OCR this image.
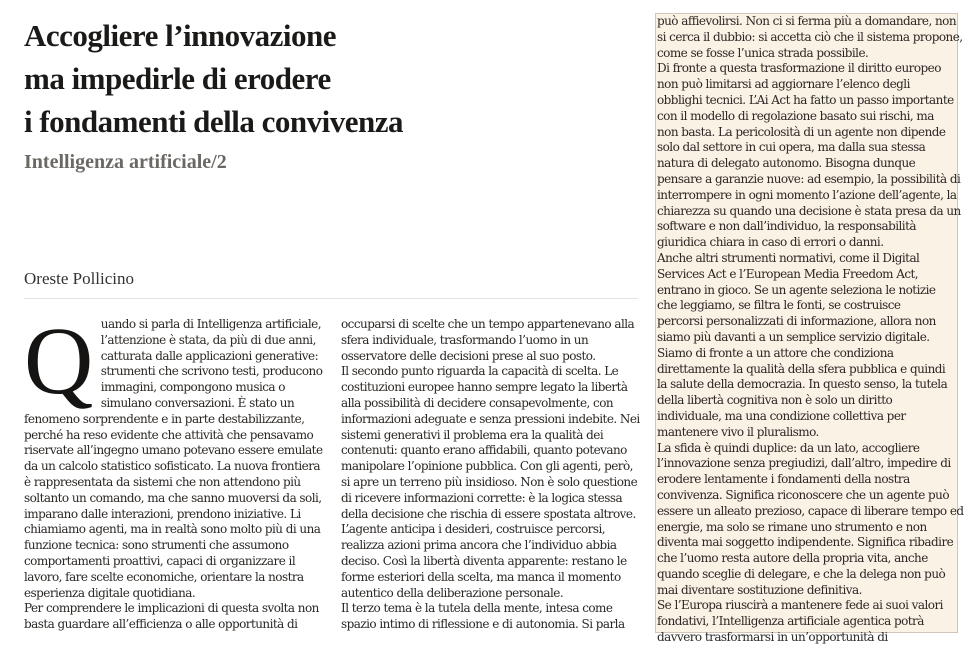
Accogliere l’innovazione
ma impedirle di erodere
i fondamenti della convivenza
Intelligenza artificiale/2
Oreste Pollicino

Q uando si parla di Intelligenza artificiale,
l’attenzione è stata, da più di due anni,
catturata dalle applicazioni generative:
strumenti che scrivono testi, producono
immagini, compongono musica o
simulano conversazioni. È stato un
fenomeno sorprendente e in parte destabilizzante,
perché ha reso evidente che attività che pensavamo
riservate all’ingegno umano potevano essere emulate
da un calcolo statistico sofisticato. La nuova frontiera
è rappresentata da sistemi che non attendono più
soltanto un comando, ma che sanno muoversi da soli,
imparano dalle interazioni, prendono iniziative. Li
chiamiamo agenti, ma in realtà sono molto più di una
funzione tecnica: sono strumenti che assumono
comportamenti proattivi, capaci di organizzare il
lavoro, fare scelte economiche, orientare la nostra
esperienza digitale quotidiana.

Per comprendere le implicazioni di questa svolta non
basta guardare all’efficienza o alle opportunità di

occuparsi di scelte che un tempo appartenevano alla
sfera individuale, trasformando l’uomo in un
osservatore delle decisioni prese al suo posto.

Il secondo punto riguarda la capacità di scelta. Le
costituzioni europee hanno sempre legato la libertà
alla possibilità di decidere consapevolmente, con
informazioni adeguate e senza pressioni indebite. Nei
sistemi generativi il problema era la qualità dei
contenuti: quanto erano affidabili, quanto potevano
manipolare l’opinione pubblica. Con gli agenti, però,
si apre un terreno più insidioso. Non è solo questione
di ricevere informazioni corrette: è la logica stessa
della decisione che rischia di essere spostata altrove.
L’agente anticipa i desideri, costruisce percorsi,
realizza azioni prima ancora che l’individuo abbia
deciso. Così la libertà diventa apparente: restano le
forme esteriori della scelta, ma manca il momento
autentico della deliberazione personale.

Il terzo tema è la tutela della mente, intesa come
spazio intimo di riflessione e di autonomia. Si parla

può affievolirsi. Non ci si ferma più a domandare, non
si cerca il dubbio: si accetta ciò che il sistema propone,
come se fosse l’unica strada possibile.

Di fronte a questa trasformazione il diritto europeo
non può limitarsi ad aggiornare l’elenco degli
obblighi tecnici. L’Ai Act ha fatto un passo importante
con il modello di regolazione basato sui rischi, ma
non basta. La pericolosità di un agente non dipende
solo dal settore in cui opera, ma dalla sua stessa
natura di delegato autonomo. Bisogna dunque
pensare a garanzie nuove: ad esempio, la possibilità di
interrompere in ogni momento l’azione dell’agente, la
chiarezza su quando una decisione è stata presa da un
software e non dall’individuo, la responsabilità
giuridica chiara in caso di errori o danni.

Anche altri strumenti normativi, come il Digital
Services Act e l’European Media Freedom Act,
entrano in gioco. Se un agente seleziona le notizie
che leggiamo, se filtra le fonti, se costruisce
percorsi personalizzati di informazione, allora non
siamo più davanti a un semplice servizio digitale.
Siamo di fronte a un attore che condiziona
direttamente la qualità della sfera pubblica e quindi
la salute della democrazia. In questo senso, la tutela
della libertà cognitiva non è solo un diritto
individuale, ma una condizione collettiva per
mantenere vivo il pluralismo.

La sfida è quindi duplice: da un lato, accogliere
l’innovazione senza pregiudizi, dall’altro, impedire di
erodere lentamente i fondamenti della nostra
convivenza. Significa riconoscere che un agente può
essere un alleato prezioso, capace di liberare tempo ed
energie, ma solo se rimane uno strumento e non
diventa mai soggetto indipendente. Significa ribadire
che l’uomo resta autore della propria vita, anche
quando sceglie di delegare, e che la delega non può
mai diventare sostituzione definitiva.

Se l’Europa riuscirà a mantenere fede ai suoi valori
fondativi, l’Intelligenza artificiale agentica potrà
davvero trasformarsi in un’opportunità di
